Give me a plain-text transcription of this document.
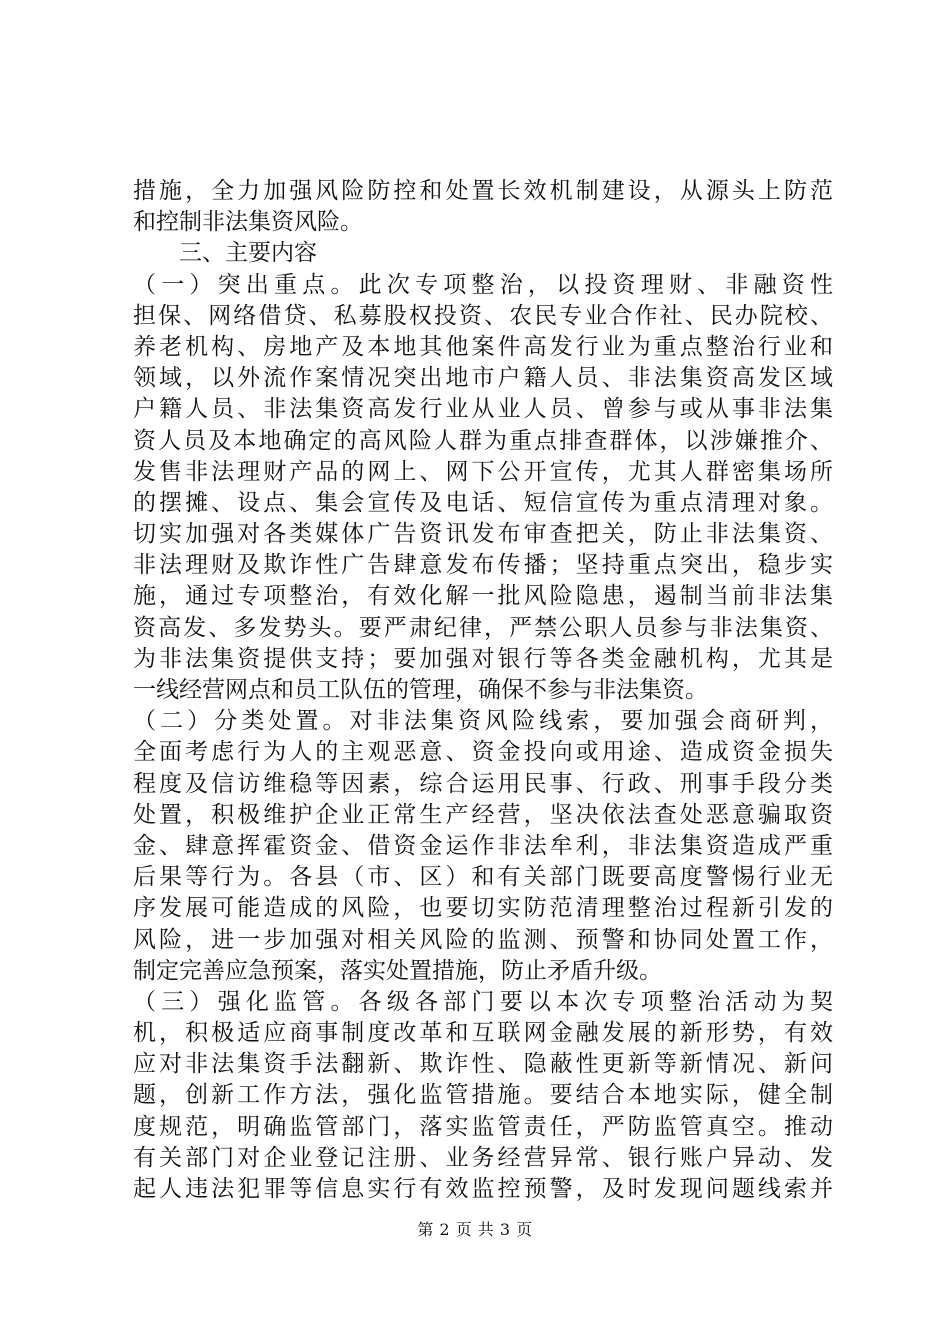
措施，全力加强风险防控和处置长效机制建设，从源头上防范
和控制非法集资风险。
三、主要内容
（一）突出重点。此次专项整治，以投资理财、非融资性
担保、网络借贷、私募股权投资、农民专业合作社、民办院校、
养老机构、房地产及本地其他案件高发行业为重点整治行业和
领域，以外流作案情况突出地市户籍人员、非法集资高发区域
户籍人员、非法集资高发行业从业人员、曾参与或从事非法集
资人员及本地确定的高风险人群为重点排查群体，以涉嫌推介、
发售非法理财产品的网上、网下公开宣传，尤其人群密集场所
的摆摊、设点、集会宣传及电话、短信宣传为重点清理对象。
切实加强对各类媒体广告资讯发布审查把关，防止非法集资、
非法理财及欺诈性广告肆意发布传播；坚持重点突出，稳步实
施，通过专项整治，有效化解一批风险隐患，遏制当前非法集
资高发、多发势头。要严肃纪律，严禁公职人员参与非法集资、
为非法集资提供支持；要加强对银行等各类金融机构，尤其是
一线经营网点和员工队伍的管理，确保不参与非法集资。
（二）分类处置。对非法集资风险线索，要加强会商研判，
全面考虑行为人的主观恶意、资金投向或用途、造成资金损失
程度及信访维稳等因素，综合运用民事、行政、刑事手段分类
处置，积极维护企业正常生产经营，坚决依法查处恶意骗取资
金、肆意挥霍资金、借资金运作非法牟利，非法集资造成严重
后果等行为。各县（市、区）和有关部门既要高度警惕行业无
序发展可能造成的风险，也要切实防范清理整治过程新引发的
风险，进一步加强对相关风险的监测、预警和协同处置工作，
制定完善应急预案，落实处置措施，防止矛盾升级。
（三）强化监管。各级各部门要以本次专项整治活动为契
机，积极适应商事制度改革和互联网金融发展的新形势，有效
应对非法集资手法翻新、欺诈性、隐蔽性更新等新情况、新问
题，创新工作方法，强化监管措施。要结合本地实际，健全制
度规范，明确监管部门，落实监管责任，严防监管真空。推动
有关部门对企业登记注册、业务经营异常、银行账户异动、发
起人违法犯罪等信息实行有效监控预警，及时发现问题线索并
第 2 页 共 3 页
